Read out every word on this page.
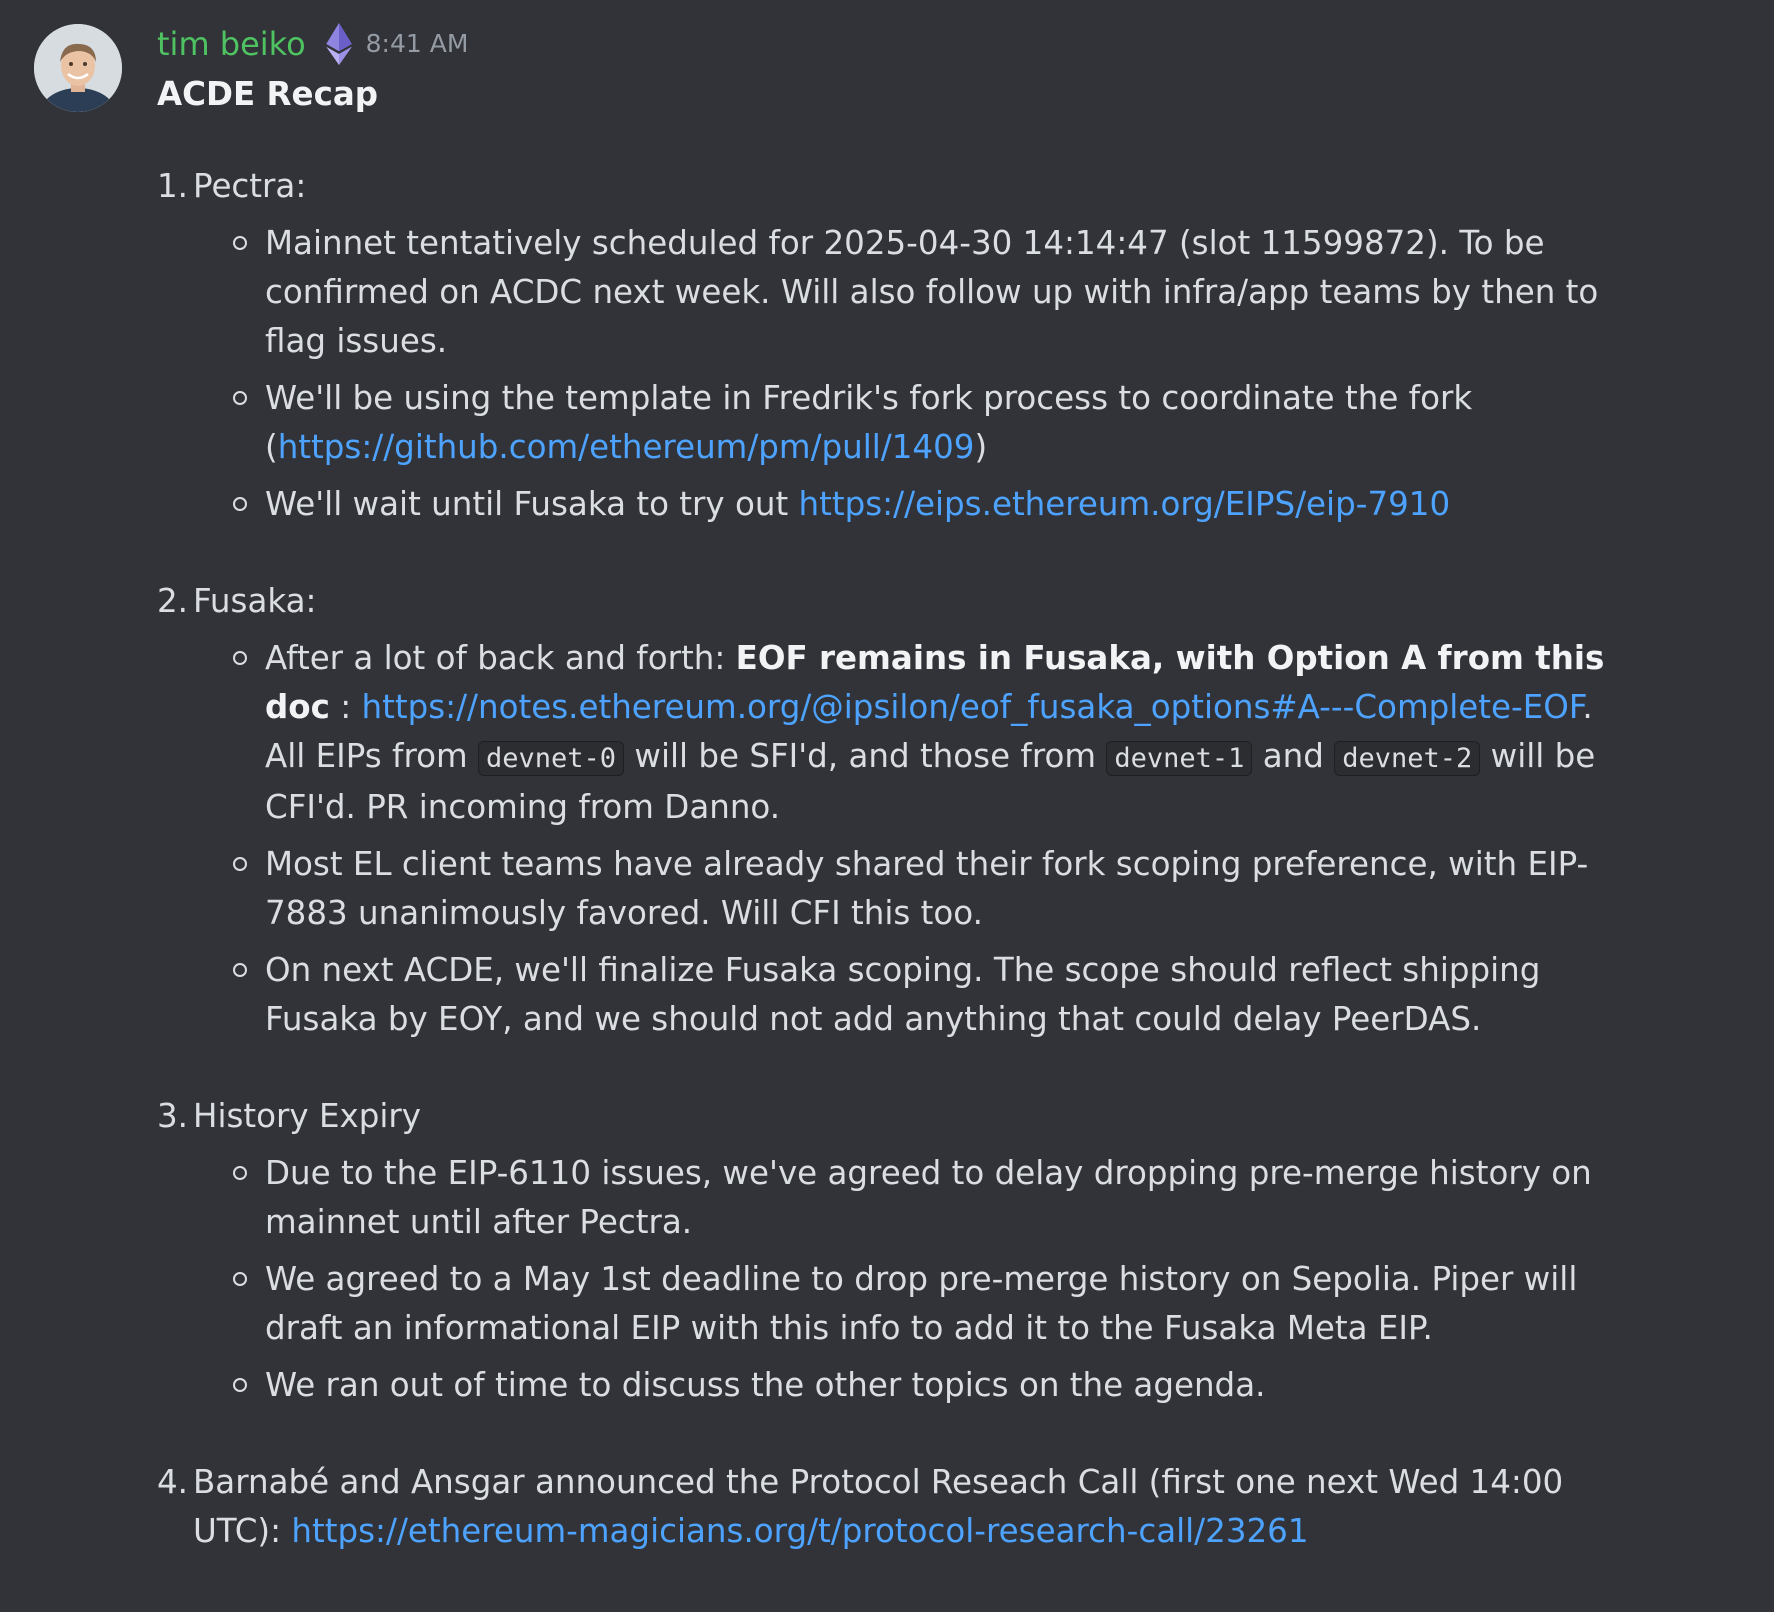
tim beiko 8:41 AM
ACDE Recap
1. Pectra:
Mainnet tentatively scheduled for 2025-04-30 14:14:47 (slot 11599872). To be confirmed on ACDC next week. Will also follow up with infra/app teams by then to flag issues.
We'll be using the template in Fredrik's fork process to coordinate the fork (https://github.com/ethereum/pm/pull/1409)
We'll wait until Fusaka to try out https://eips.ethereum.org/EIPS/eip-7910
2. Fusaka:
After a lot of back and forth: EOF remains in Fusaka, with Option A from this doc : https://notes.ethereum.org/@ipsilon/eof_fusaka_options#A---Complete-EOF. All EIPs from devnet-0 will be SFI'd, and those from devnet-1 and devnet-2 will be CFI'd. PR incoming from Danno.
Most EL client teams have already shared their fork scoping preference, with EIP-7883 unanimously favored. Will CFI this too.
On next ACDE, we'll finalize Fusaka scoping. The scope should reflect shipping Fusaka by EOY, and we should not add anything that could delay PeerDAS.
3. History Expiry
Due to the EIP-6110 issues, we've agreed to delay dropping pre-merge history on mainnet until after Pectra.
We agreed to a May 1st deadline to drop pre-merge history on Sepolia. Piper will draft an informational EIP with this info to add it to the Fusaka Meta EIP.
We ran out of time to discuss the other topics on the agenda.
4. Barnabé and Ansgar announced the Protocol Reseach Call (first one next Wed 14:00 UTC): https://ethereum-magicians.org/t/protocol-research-call/23261
